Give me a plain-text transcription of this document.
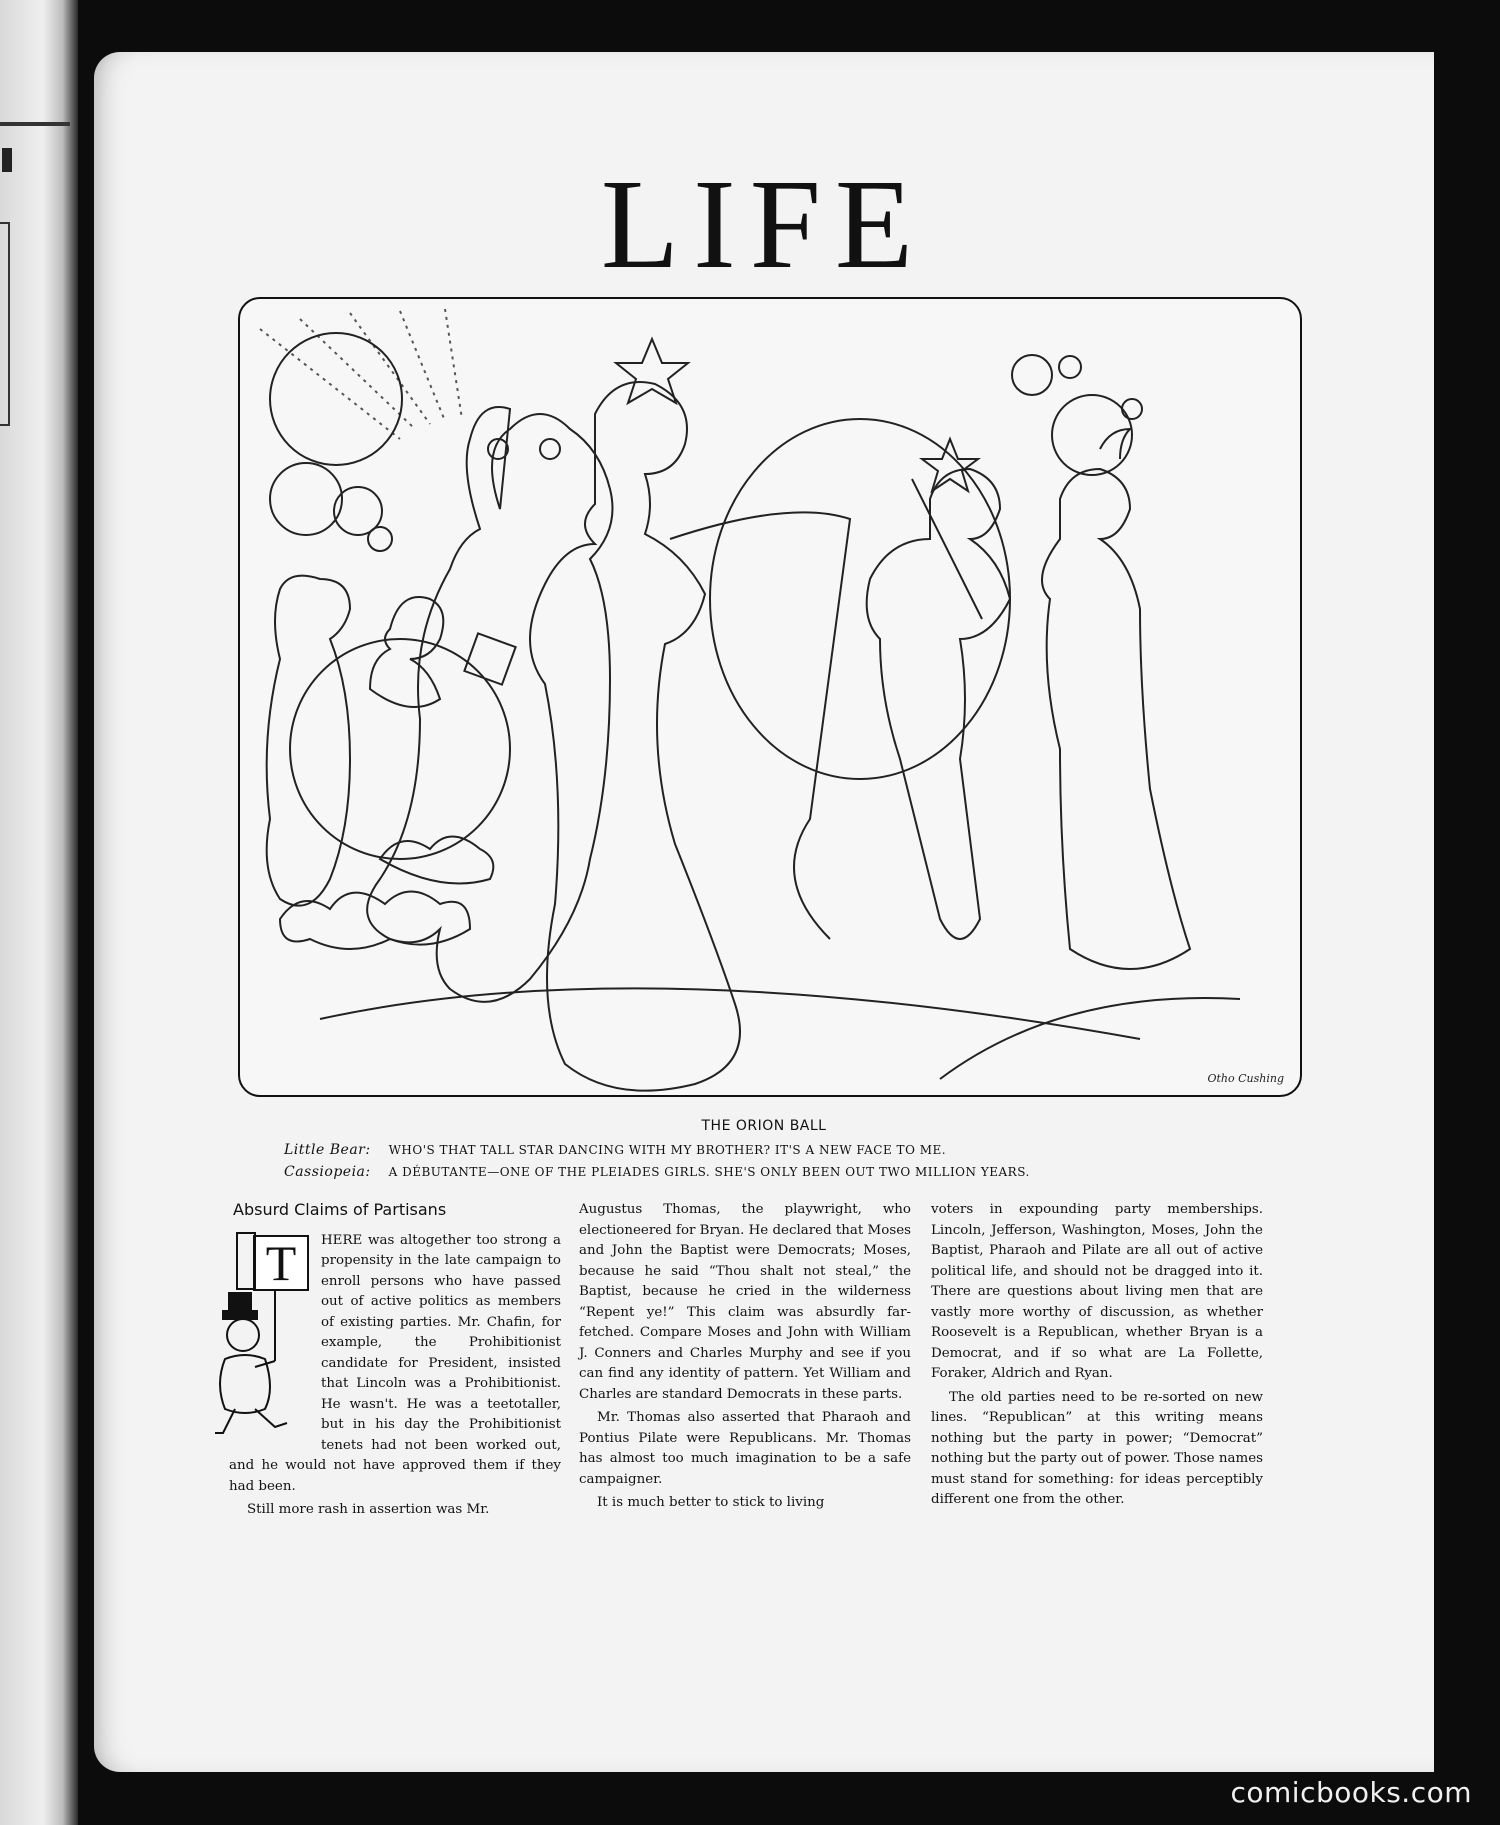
LIFE
Otho Cushing
THE ORION BALL
Little Bear: WHO'S THAT TALL STAR DANCING WITH MY BROTHER? IT'S A NEW FACE TO ME.
Cassiopeia: A DÉBUTANTE—ONE OF THE PLEIADES GIRLS. SHE'S ONLY BEEN OUT TWO MILLION YEARS.
Absurd Claims of Partisans
T	HERE was altogether too strong a propensity in the late campaign to enroll persons who have passed out of active politics as members of existing parties. Mr. Chafin, for example, the Prohibitionist candidate for President, insisted that Lincoln was a Prohibitionist. He wasn't. He was a teetotaller, but in his day the Prohibitionist tenets had not been worked out, and he would not have approved them if they had been.

Still more rash in assertion was Mr.

Augustus Thomas, the playwright, who electioneered for Bryan. He declared that Moses and John the Baptist were Democrats; Moses, because he said “Thou shalt not steal,” the Baptist, because he cried in the wilderness “Repent ye!” This claim was absurdly far-fetched. Compare Moses and John with William J. Conners and Charles Murphy and see if you can find any identity of pattern. Yet William and Charles are standard Democrats in these parts.

Mr. Thomas also asserted that Pharaoh and Pontius Pilate were Republicans. Mr. Thomas has almost too much imagination to be a safe campaigner.

It is much better to stick to living

voters in expounding party memberships. Lincoln, Jefferson, Washington, Moses, John the Baptist, Pharaoh and Pilate are all out of active political life, and should not be dragged into it. There are questions about living men that are vastly more worthy of discussion, as whether Roosevelt is a Republican, whether Bryan is a Democrat, and if so what are La Follette, Foraker, Aldrich and Ryan.

The old parties need to be re-sorted on new lines. “Republican” at this writing means nothing but the party in power; “Democrat” nothing but the party out of power. Those names must stand for something: for ideas perceptibly different one from the other.

comicbooks.com
